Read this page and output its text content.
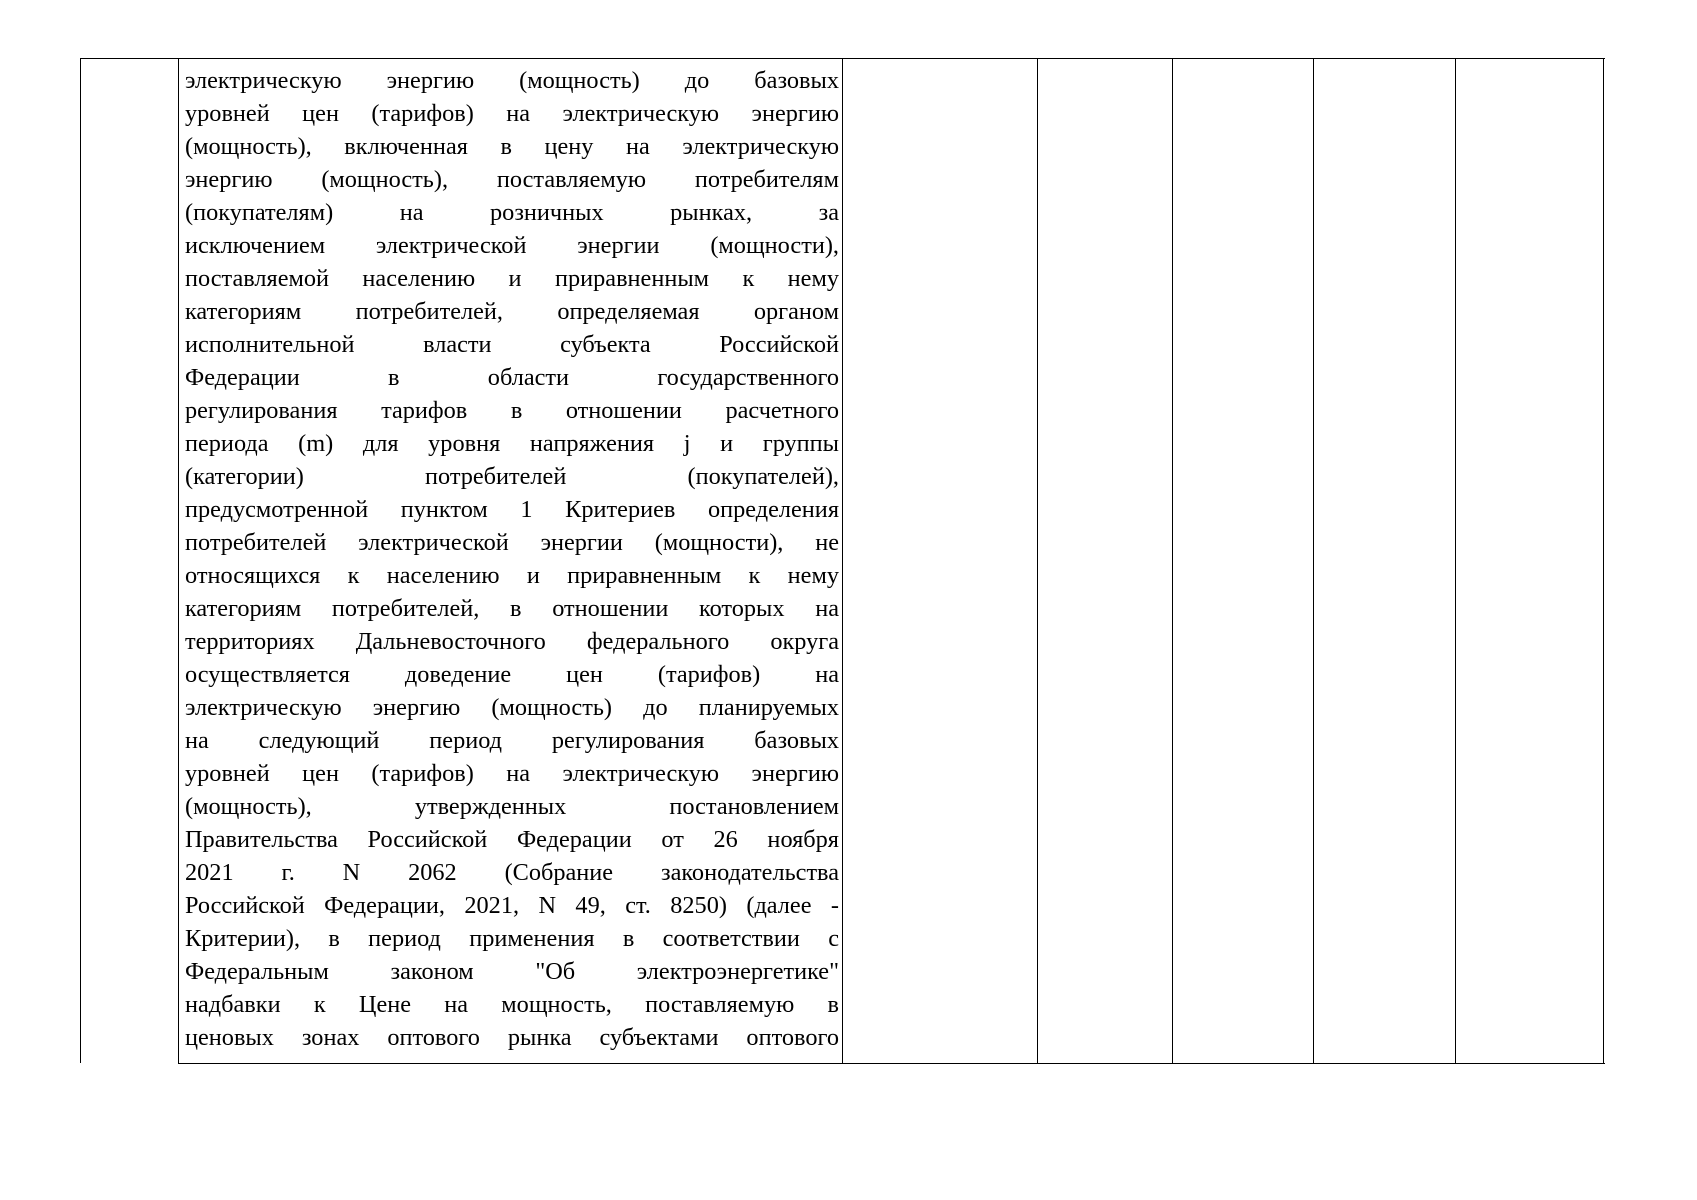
электрическую энергию (мощность) до базовых
уровней цен (тарифов) на электрическую энергию
(мощность), включенная в цену на электрическую
энергию (мощность), поставляемую потребителям
(покупателям) на розничных рынках, за
исключением электрической энергии (мощности),
поставляемой населению и приравненным к нему
категориям потребителей, определяемая органом
исполнительной власти субъекта Российской
Федерации в области государственного
регулирования тарифов в отношении расчетного
периода (m) для уровня напряжения j и группы
(категории) потребителей (покупателей),
предусмотренной пунктом 1 Критериев определения
потребителей электрической энергии (мощности), не
относящихся к населению и приравненным к нему
категориям потребителей, в отношении которых на
территориях Дальневосточного федерального округа
осуществляется доведение цен (тарифов) на
электрическую энергию (мощность) до планируемых
на следующий период регулирования базовых
уровней цен (тарифов) на электрическую энергию
(мощность), утвержденных постановлением
Правительства Российской Федерации от 26 ноября
2021 г. N 2062 (Собрание законодательства
Российской Федерации, 2021, N 49, ст. 8250) (далее -
Критерии), в период применения в соответствии с
Федеральным законом "Об электроэнергетике"
надбавки к Цене на мощность, поставляемую в
ценовых зонах оптового рынка субъектами оптового
